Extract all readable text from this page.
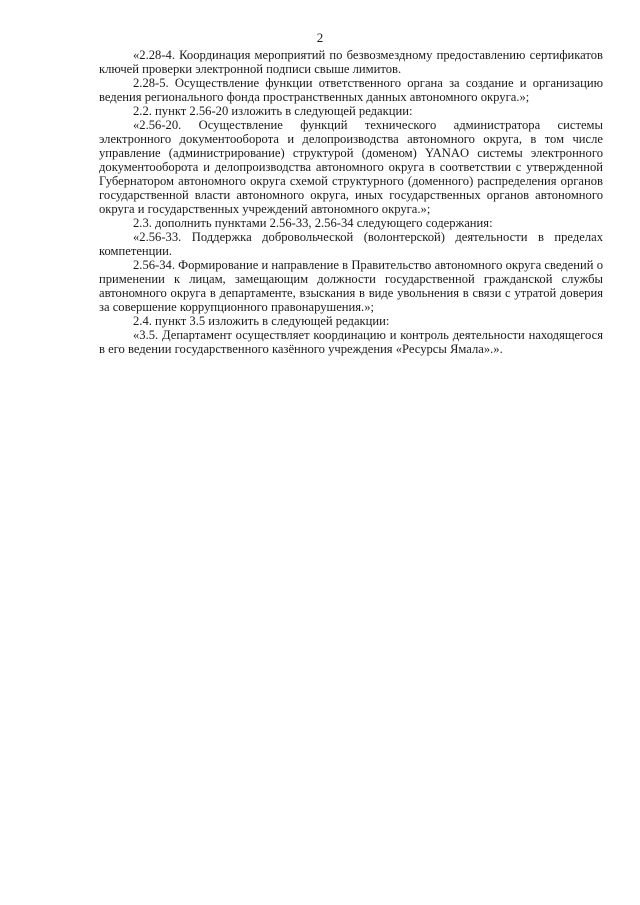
2

«2.28-4. Координация мероприятий по безвозмездному предоставлению сертификатов ключей проверки электронной подписи свыше лимитов.

2.28-5. Осуществление функции ответственного органа за создание и организацию ведения регионального фонда пространственных данных автономного округа.»;

2.2. пункт 2.56-20 изложить в следующей редакции:

«2.56-20. Осуществление функций технического администратора системы электронного документооборота и делопроизводства автономного округа, в том числе управление (администрирование) структурой (доменом) YANAO системы электронного документооборота и делопроизводства автономного округа в соответствии с утвержденной Губернатором автономного округа схемой структурного (доменного) распределения органов государственной власти автономного округа, иных государственных органов автономного округа и государственных учреждений автономного округа.»;

2.3. дополнить пунктами 2.56-33, 2.56-34 следующего содержания:

«2.56-33. Поддержка добровольческой (волонтерской) деятельности в пределах компетенции.

2.56-34. Формирование и направление в Правительство автономного округа сведений о применении к лицам, замещающим должности государственной гражданской службы автономного округа в департаменте, взыскания в виде увольнения в связи с утратой доверия за совершение коррупционного правонарушения.»;

2.4. пункт 3.5 изложить в следующей редакции:

«3.5. Департамент осуществляет координацию и контроль деятельности находящегося в его ведении государственного казённого учреждения «Ресурсы Ямала».».
